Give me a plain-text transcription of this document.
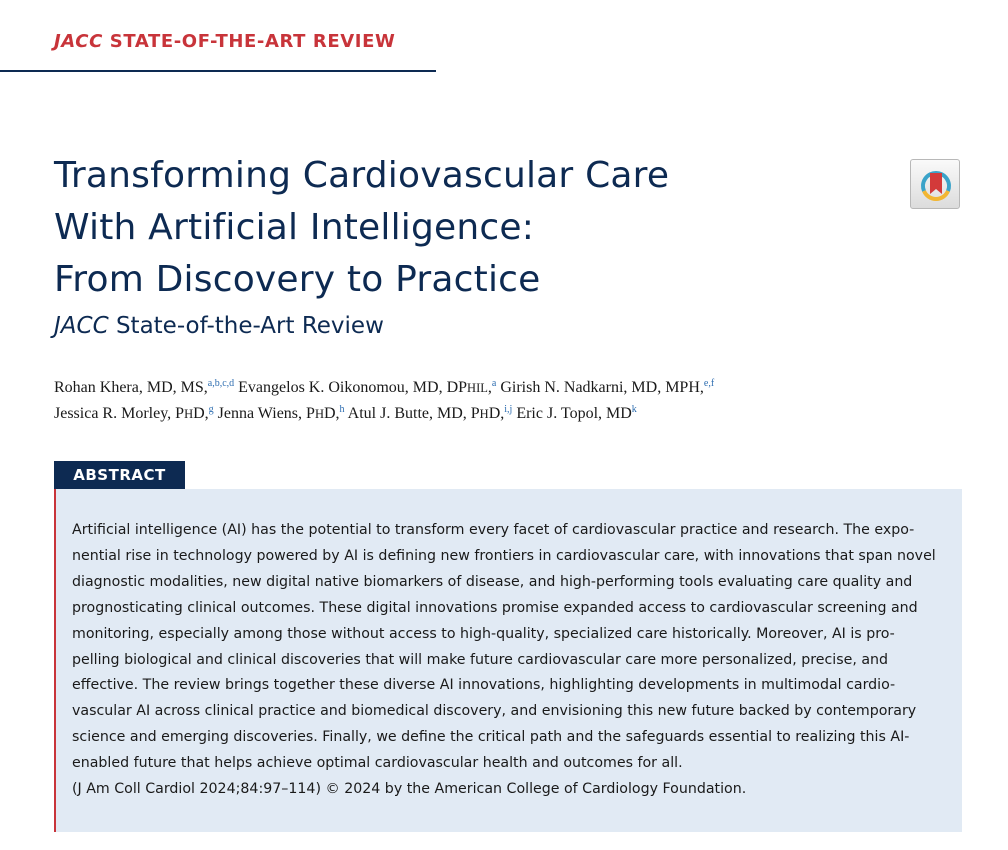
JACC STATE-OF-THE-ART REVIEW
Transforming Cardiovascular Care
With Artificial Intelligence:
From Discovery to Practice
JACC State-of-the-Art Review
Rohan Khera, MD, MS,$^{a,b,c,d}$ Evangelos K. Oikonomou, MD, DPHIL,$^a$ Girish N. Nadkarni, MD, MPH,$^{e,f}$
Jessica R. Morley, PHD,$^g$ Jenna Wiens, PHD,$^h$ Atul J. Butte, MD, PHD,$^{i,j}$ Eric J. Topol, $MD^k$
ABSTRACT
Artificial intelligence (AI) has the potential to transform every facet of cardiovascular practice and research. The expo-
nential rise in technology powered by AI is defining new frontiers in cardiovascular care, with innovations that span novel
diagnostic modalities, new digital native biomarkers of disease, and high-performing tools evaluating care quality and
prognosticating clinical outcomes. These digital innovations promise expanded access to cardiovascular screening and
monitoring, especially among those without access to high-quality, specialized care historically. Moreover, AI is pro-
pelling biological and clinical discoveries that will make future cardiovascular care more personalized, precise, and
effective. The review brings together these diverse AI innovations, highlighting developments in multimodal cardio-
vascular AI across clinical practice and biomedical discovery, and envisioning this new future backed by contemporary
science and emerging discoveries. Finally, we define the critical path and the safeguards essential to realizing this AI-
enabled future that helps achieve optimal cardiovascular health and outcomes for all.
(J Am Coll Cardiol 2024;84:97–114) © 2024 by the American College of Cardiology Foundation.
